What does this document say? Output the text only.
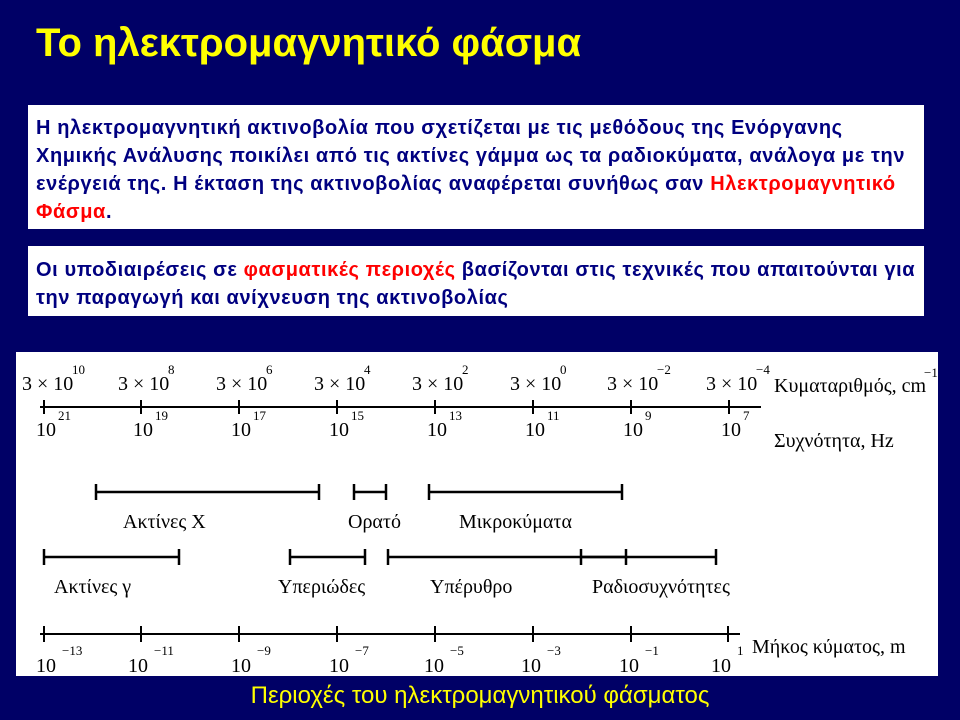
Το ηλεκτρομαγνητικό φάσμα
Η ηλεκτρομαγνητική ακτινοβολία που σχετίζεται με τις μεθόδους της Ενόργανης Χημικής Ανάλυσης ποικίλει από τις ακτίνες γάμμα ως τα ραδιοκύματα, ανάλογα με την ενέργειά της. Η έκταση της ακτινοβολίας αναφέρεται συνήθως σαν Ηλεκτρομαγνητικό Φάσμα.
Οι υποδιαιρέσεις σε φασματικές περιοχές βασίζονται στις τεχνικές που απαιτούνται για την παραγωγή και ανίχνευση της ακτινοβολίας
3 × 10
10
3 × 10
8
3 × 10
6
3 × 10
4
3 × 10
2
3 × 10
0
3 × 10
−2
3 × 10
−4
10
21
10
19
10
17
10
15
10
13
10
11
10
9
10
7
10
−13
10
−11
10
−9
10
−7
10
−5
10
−3
10
−1
10
1
Ακτίνες Χ	Ορατό	Μικροκύματα
Ακτίνες γ	Υπεριώδες	Υπέρυθρο	Ραδιοσυχνότητες
Κυματαριθμός, cm
−1
Συχνότητα, Hz
Μήκος κύματος, m
Περιοχές του ηλεκτρομαγνητικού φάσματος
